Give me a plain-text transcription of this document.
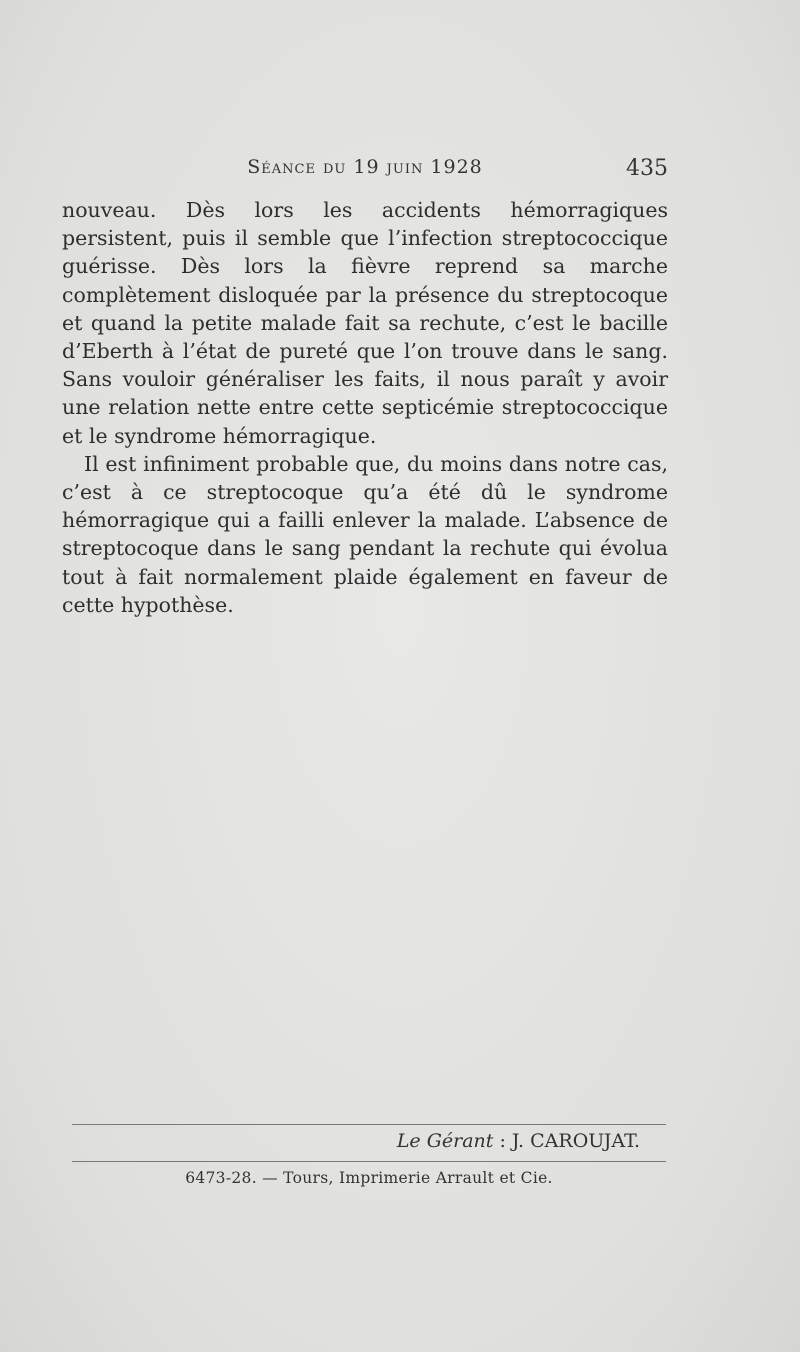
Séance du 19 juin 1928	435

nouveau. Dès lors les accidents hémorragiques persistent, puis il semble que l’infection streptococcique guérisse. Dès lors la fièvre reprend sa marche complètement disloquée par la présence du streptocoque et quand la petite malade fait sa rechute, c’est le bacille d’Eberth à l’état de pureté que l’on trouve dans le sang. Sans vouloir généraliser les faits, il nous paraît y avoir une relation nette entre cette septicémie streptococcique et le syndrome hémorragique.

Il est infiniment probable que, du moins dans notre cas, c’est à ce streptocoque qu’a été dû le syndrome hémorragique qui a failli enlever la malade. L’absence de streptocoque dans le sang pendant la rechute qui évolua tout à fait normalement plaide également en faveur de cette hypothèse.

Le Gérant : J. CAROUJAT.
6473-28. — Tours, Imprimerie Arrault et Cie.
